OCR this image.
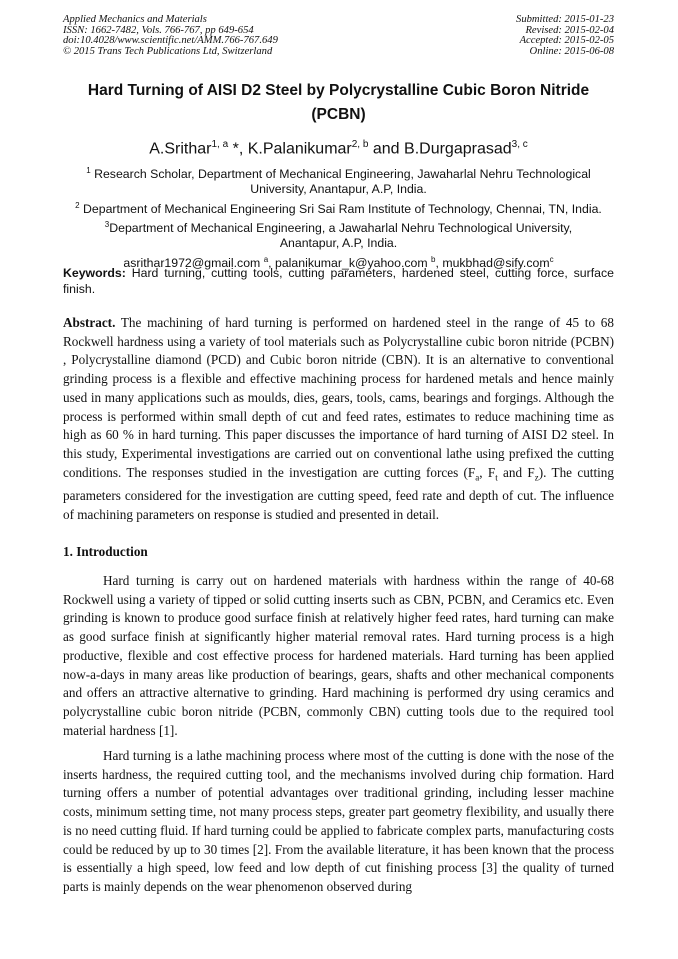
Applied Mechanics and Materials
ISSN: 1662-7482, Vols. 766-767, pp 649-654
doi:10.4028/www.scientific.net/AMM.766-767.649
© 2015 Trans Tech Publications Ltd, Switzerland
Submitted: 2015-01-23
Revised: 2015-02-04
Accepted: 2015-02-05
Online: 2015-06-08
Hard Turning of AISI D2 Steel by Polycrystalline Cubic Boron Nitride (PCBN)
A.Srithar$^{1, a}$ *, K.Palanikumar$^{2, b}$ and B.Durgaprasad$^{3, c}$
$^1$ Research Scholar, Department of Mechanical Engineering, Jawaharlal Nehru Technological University, Anantapur, A.P, India.
$^2$ Department of Mechanical Engineering Sri Sai Ram Institute of Technology, Chennai, TN, India.
$^3$Department of Mechanical Engineering, a Jawaharlal Nehru Technological University, Anantapur, A.P, India.
asrithar1972@gmail.com $^a$, palanikumar_k@yahoo.com $^b$, mukbhad@sify.com$^c$
Keywords: Hard turning, cutting tools, cutting parameters, hardened steel, cutting force, surface finish.
Abstract. The machining of hard turning is performed on hardened steel in the range of 45 to 68 Rockwell hardness using a variety of tool materials such as Polycrystalline cubic boron nitride (PCBN) , Polycrystalline diamond (PCD) and Cubic boron nitride (CBN). It is an alternative to conventional grinding process is a flexible and effective machining process for hardened metals and hence mainly used in many applications such as moulds, dies, gears, tools, cams, bearings and forgings. Although the process is performed within small depth of cut and feed rates, estimates to reduce machining time as high as 60 % in hard turning. This paper discusses the importance of hard turning of AISI D2 steel. In this study, Experimental investigations are carried out on conventional lathe using prefixed the cutting conditions. The responses studied in the investigation are cutting forces ($F_a$, $F_t$ and $F_z$). The cutting parameters considered for the investigation are cutting speed, feed rate and depth of cut. The influence of machining parameters on response is studied and presented in detail.
1. Introduction
Hard turning is carry out on hardened materials with hardness within the range of 40-68 Rockwell using a variety of tipped or solid cutting inserts such as CBN, PCBN, and Ceramics etc. Even grinding is known to produce good surface finish at relatively higher feed rates, hard turning can make as good surface finish at significantly higher material removal rates. Hard turning process is a high productive, flexible and cost effective process for hardened materials. Hard turning has been applied now-a-days in many areas like production of bearings, gears, shafts and other mechanical components and offers an attractive alternative to grinding. Hard machining is performed dry using ceramics and polycrystalline cubic boron nitride (PCBN, commonly CBN) cutting tools due to the required tool material hardness [1].
Hard turning is a lathe machining process where most of the cutting is done with the nose of the inserts hardness, the required cutting tool, and the mechanisms involved during chip formation. Hard turning offers a number of potential advantages over traditional grinding, including lesser machine costs, minimum setting time, not many process steps, greater part geometry flexibility, and usually there is no need cutting fluid. If hard turning could be applied to fabricate complex parts, manufacturing costs could be reduced by up to 30 times [2]. From the available literature, it has been known that the process is essentially a high speed, low feed and low depth of cut finishing process [3] the quality of turned parts is mainly depends on the wear phenomenon observed during
